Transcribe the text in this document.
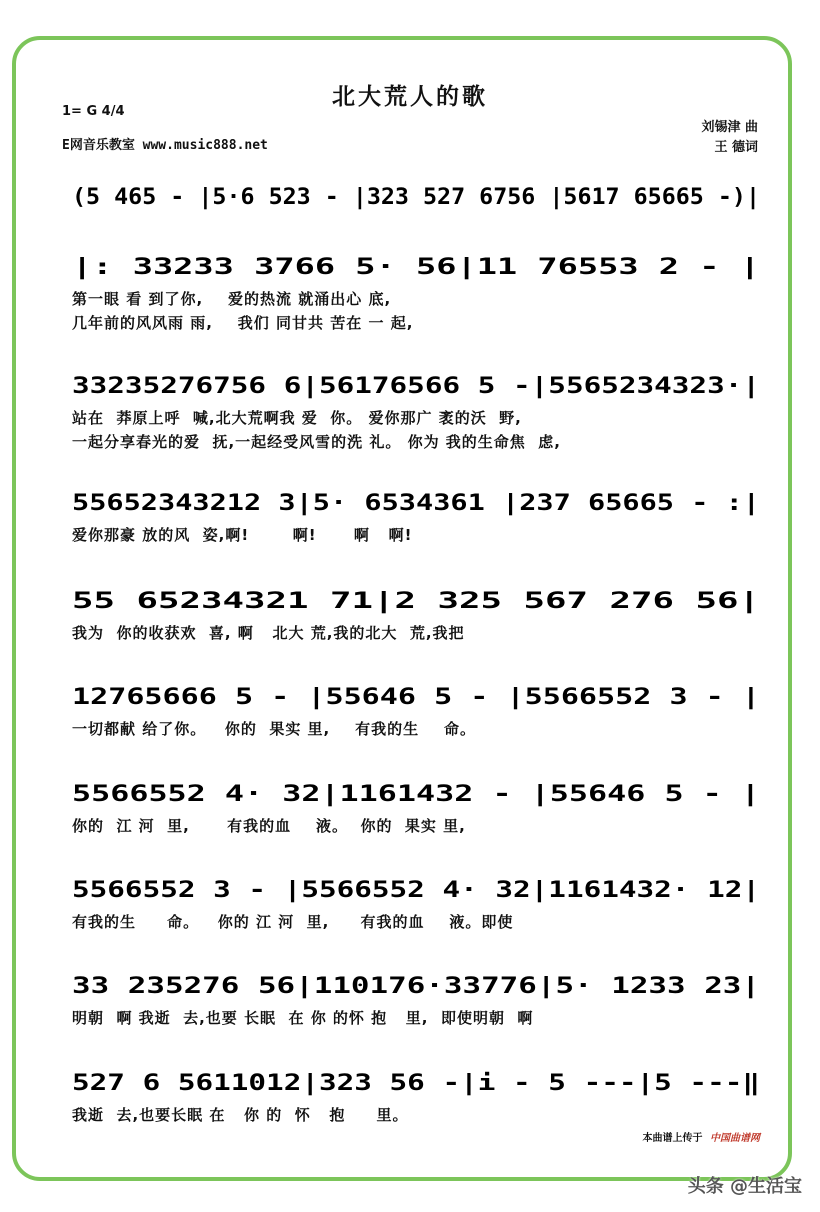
北大荒人的歌
1= G 4/4
E网音乐教室 www.music888.net
刘锡津 曲
王 德词
(5 465 - |5·6 523 - |323 527 6756 |5617 65665 -)|
|: 33233 3766 5· 56|11 76553 2 - |
第一眼 看 到了你,    爱的热流 就涌出心 底,
几年前的风风雨 雨,    我们 同甘共 苦在 一 起,
33235276756 6|56176566 5 -|5565234323·|
站在  莽原上呼  喊,北大荒啊我 爱  你。 爱你那广 袤的沃  野,
一起分享春光的爱  抚,一起经受风雪的洗 礼。 你为 我的生命焦  虑,
55652343212 3|5· 6534361 |237 65665 - :|
爱你那豪 放的风  姿,啊!       啊!      啊   啊!
55 65234321 71|2 325 567 276 56|
我为  你的收获欢  喜, 啊   北大 荒,我的北大  荒,我把
12765666 5 - |55646 5 - |5566552 3 - |
一切都献 给了你。   你的  果实 里,    有我的生    命。
5566552 4· 32|1161432 - |55646 5 - |
你的  江 河  里,      有我的血    液。  你的  果实 里,
5566552 3 - |5566552 4· 32|1161432· 12|
有我的生     命。   你的 江 河  里,     有我的血    液。即使
33 235276 56|110176·33776|5· 1233 23|
明朝  啊 我逝  去,也要 长眠  在 你 的怀 抱   里,  即使明朝  啊
527 6 5611012|323 56 -|i - 5 ---|5 ---‖
我逝  去,也要长眠 在   你 的  怀   抱     里。
本曲谱上传于 中国曲谱网
头条 @生活宝
